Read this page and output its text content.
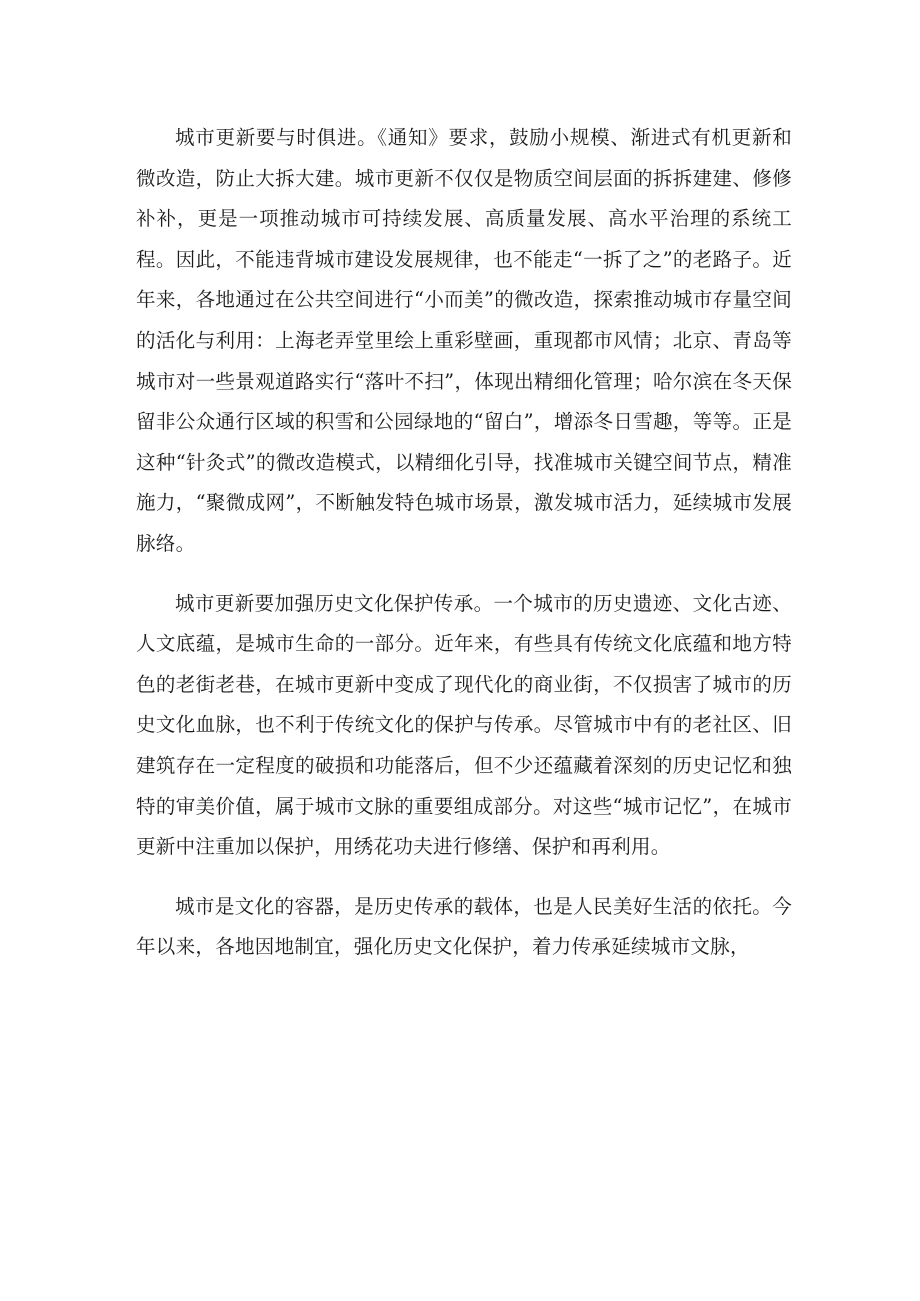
城市更新要与时俱进。《通知》要求，鼓励小规模、渐进式有机更新和微改造，防止大拆大建。城市更新不仅仅是物质空间层面的拆拆建建、修修补补，更是一项推动城市可持续发展、高质量发展、高水平治理的系统工程。因此，不能违背城市建设发展规律，也不能走“一拆了之”的老路子。近年来，各地通过在公共空间进行“小而美”的微改造，探索推动城市存量空间的活化与利用：上海老弄堂里绘上重彩壁画，重现都市风情；北京、青岛等城市对一些景观道路实行“落叶不扫”，体现出精细化管理；哈尔滨在冬天保留非公众通行区域的积雪和公园绿地的“留白”，增添冬日雪趣，等等。正是这种“针灸式”的微改造模式，以精细化引导，找准城市关键空间节点，精准施力，“聚微成网”，不断触发特色城市场景，激发城市活力，延续城市发展脉络。

城市更新要加强历史文化保护传承。一个城市的历史遗迹、文化古迹、人文底蕴，是城市生命的一部分。近年来，有些具有传统文化底蕴和地方特色的老街老巷，在城市更新中变成了现代化的商业街，不仅损害了城市的历史文化血脉，也不利于传统文化的保护与传承。尽管城市中有的老社区、旧建筑存在一定程度的破损和功能落后，但不少还蕴藏着深刻的历史记忆和独特的审美价值，属于城市文脉的重要组成部分。对这些“城市记忆”，在城市更新中注重加以保护，用绣花功夫进行修缮、保护和再利用。

城市是文化的容器，是历史传承的载体，也是人民美好生活的依托。今年以来，各地因地制宜，强化历史文化保护，着力传承延续城市文脉，
